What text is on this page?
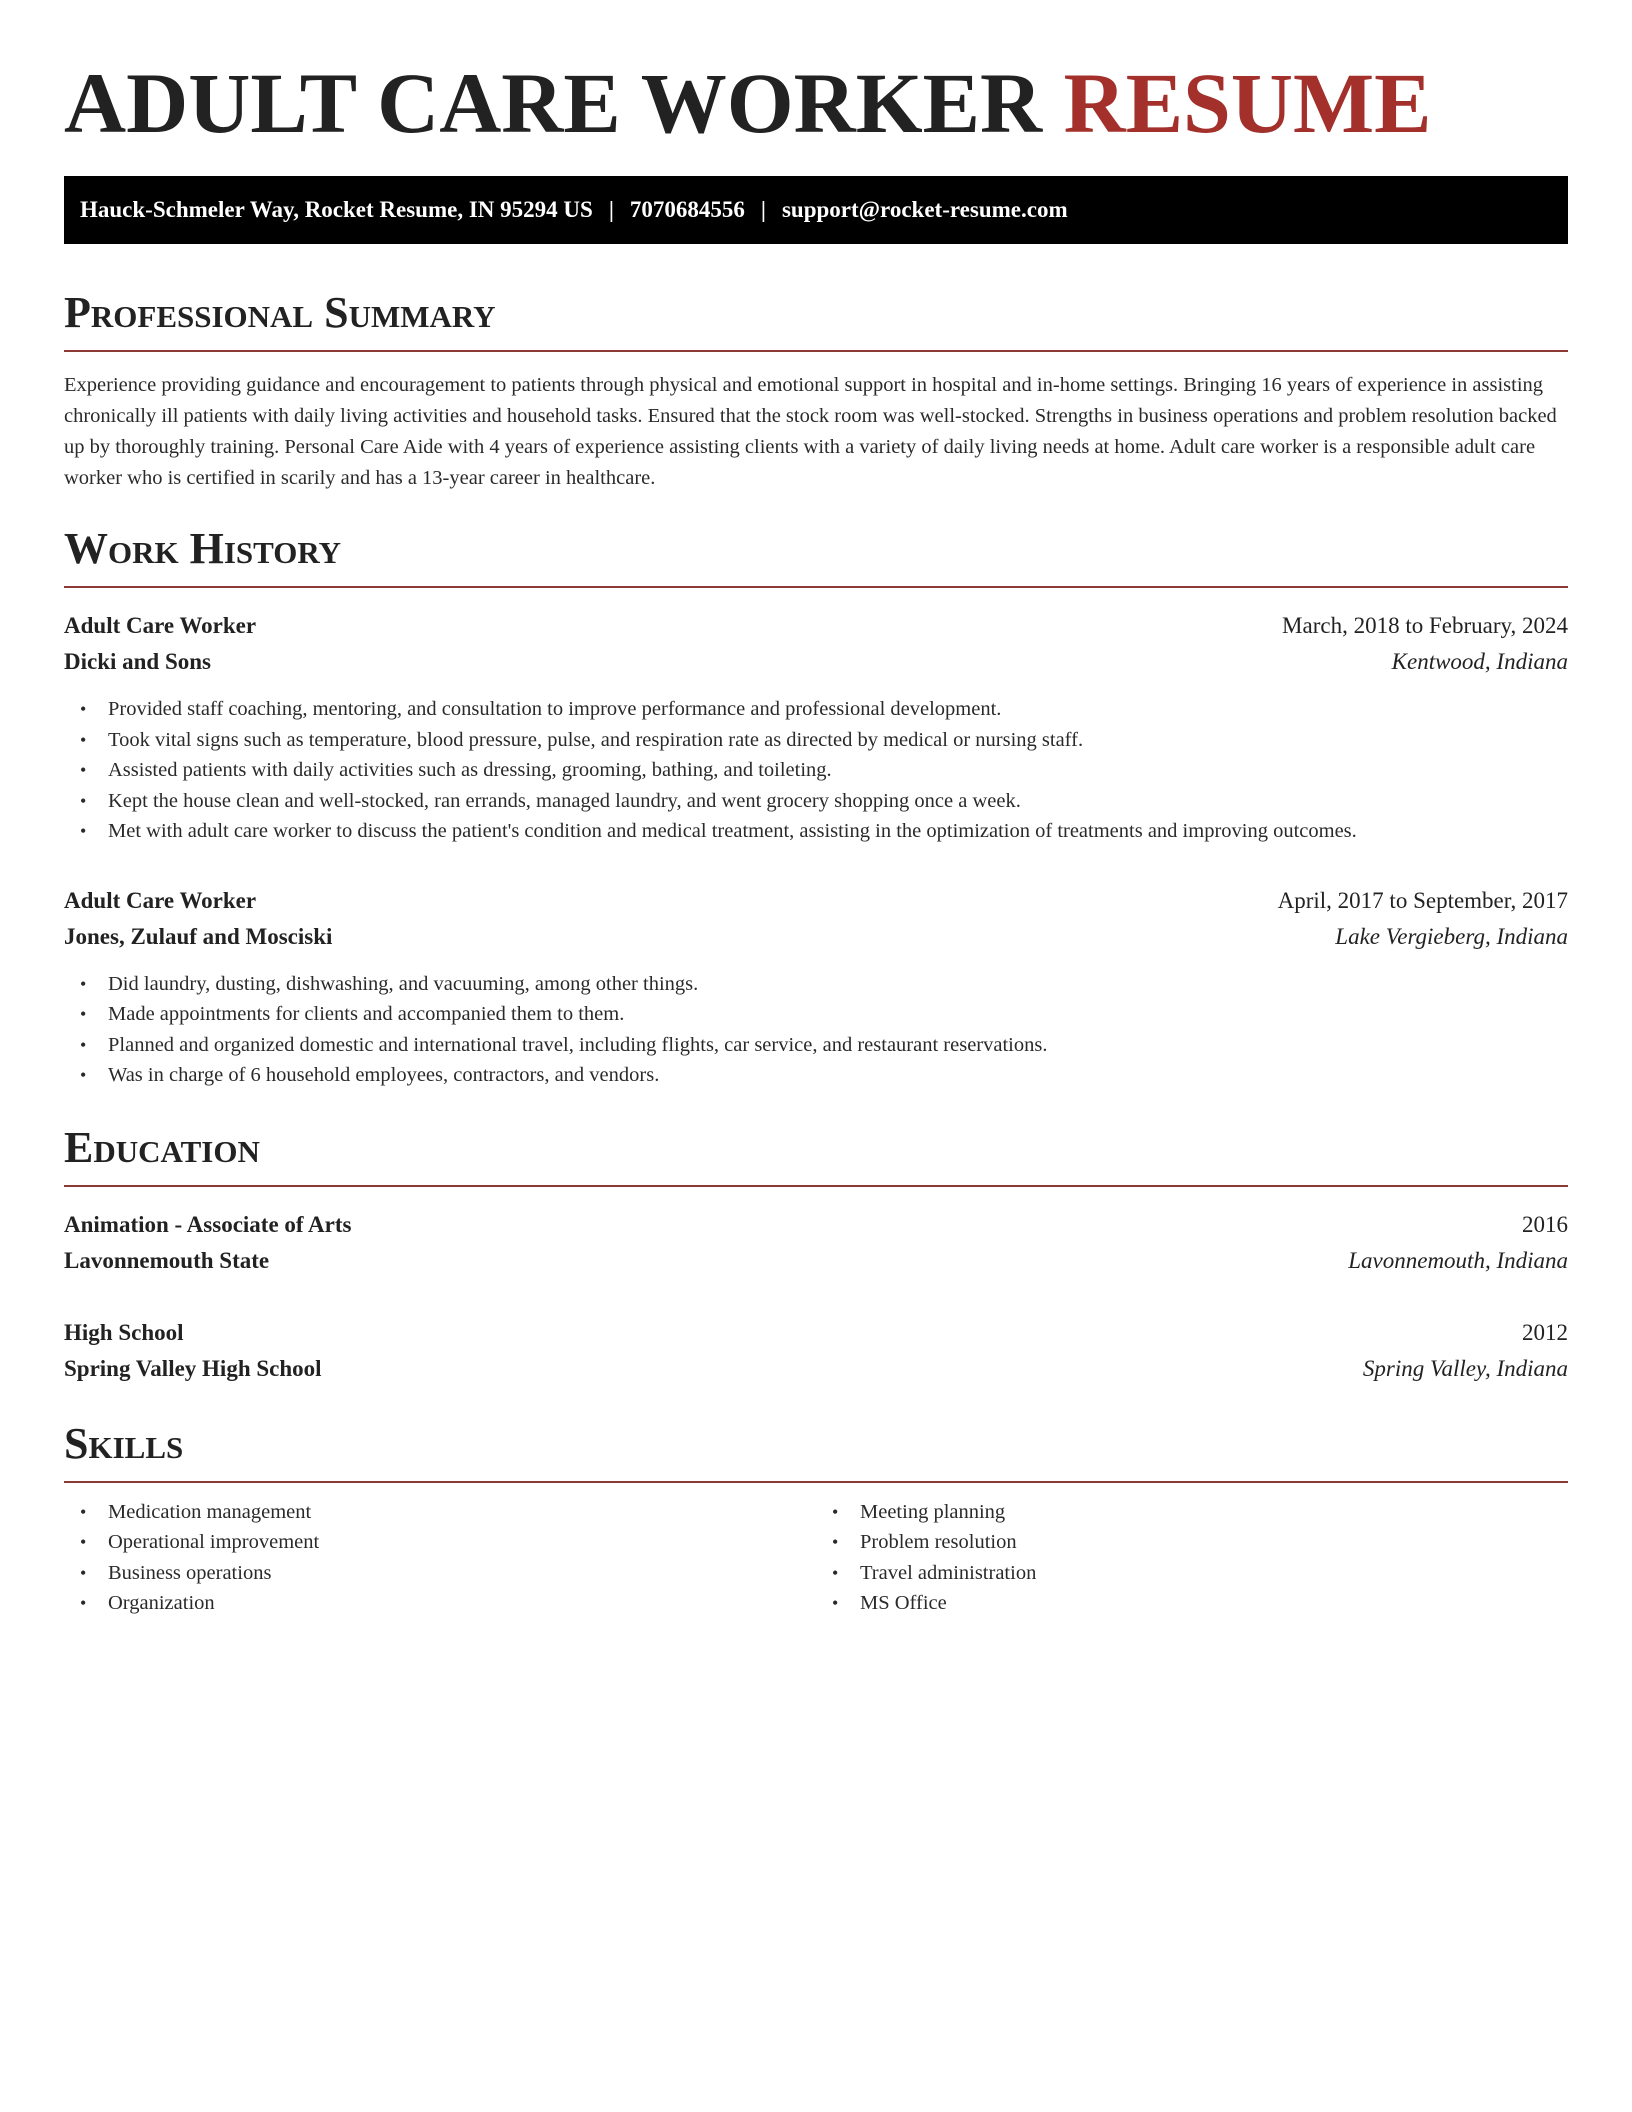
ADULT CARE WORKER RESUME
Hauck-Schmeler Way, Rocket Resume, IN 95294 US | 7070684556 | support@rocket-resume.com
Professional Summary

Experience providing guidance and encouragement to patients through physical and emotional support in hospital and in-home settings. Bringing 16 years of experience in assisting chronically ill patients with daily living activities and household tasks. Ensured that the stock room was well-stocked. Strengths in business operations and problem resolution backed up by thoroughly training. Personal Care Aide with 4 years of experience assisting clients with a variety of daily living needs at home. Adult care worker is a responsible adult care worker who is certified in scarily and has a 13-year career in healthcare.

Work History
Adult Care Worker	March, 2018 to February, 2024
Dicki and Sons	Kentwood, Indiana
• Provided staff coaching, mentoring, and consultation to improve performance and professional development.
• Took vital signs such as temperature, blood pressure, pulse, and respiration rate as directed by medical or nursing staff.
• Assisted patients with daily activities such as dressing, grooming, bathing, and toileting.
• Kept the house clean and well-stocked, ran errands, managed laundry, and went grocery shopping once a week.
• Met with adult care worker to discuss the patient's condition and medical treatment, assisting in the optimization of treatments and improving outcomes.
Adult Care Worker	April, 2017 to September, 2017
Jones, Zulauf and Mosciski	Lake Vergieberg, Indiana
• Did laundry, dusting, dishwashing, and vacuuming, among other things.
• Made appointments for clients and accompanied them to them.
• Planned and organized domestic and international travel, including flights, car service, and restaurant reservations.
• Was in charge of 6 household employees, contractors, and vendors.
Education
Animation - Associate of Arts	2016
Lavonnemouth State	Lavonnemouth, Indiana
High School	2012
Spring Valley High School	Spring Valley, Indiana
Skills
• Medication management
• Operational improvement
• Business operations
• Organization
• Meeting planning
• Problem resolution
• Travel administration
• MS Office
